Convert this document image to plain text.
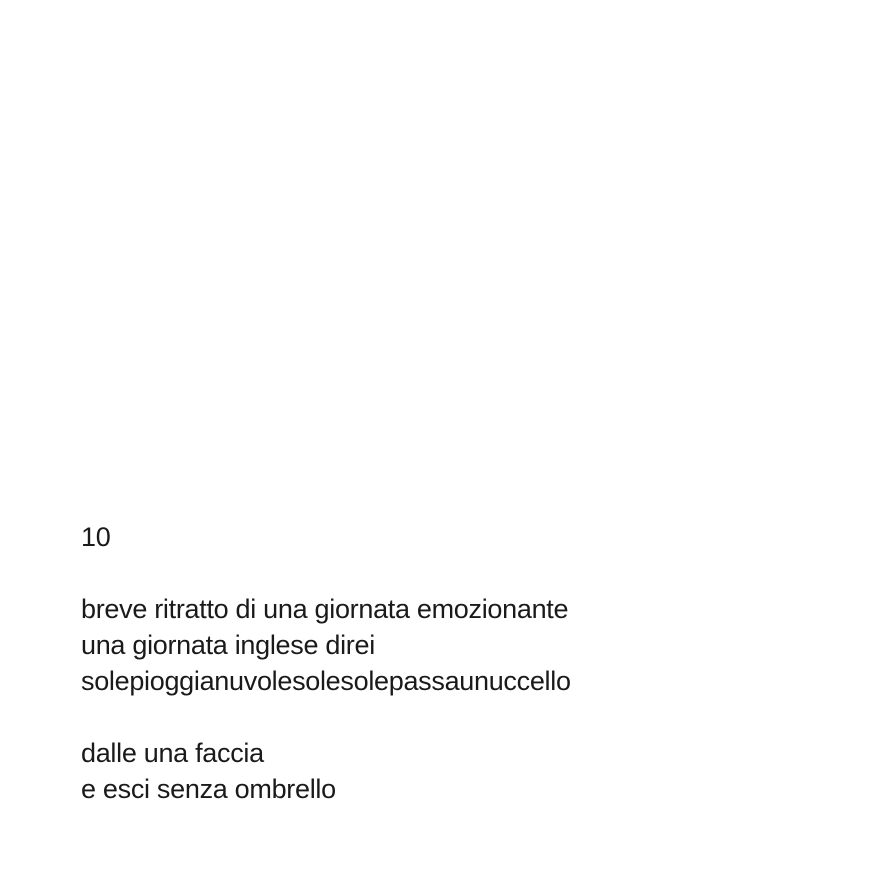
10
breve ritratto di una giornata emozionante
una giornata inglese direi
solepioggianuvolesolesolepassaunuccello
dalle una faccia
e esci senza ombrello
